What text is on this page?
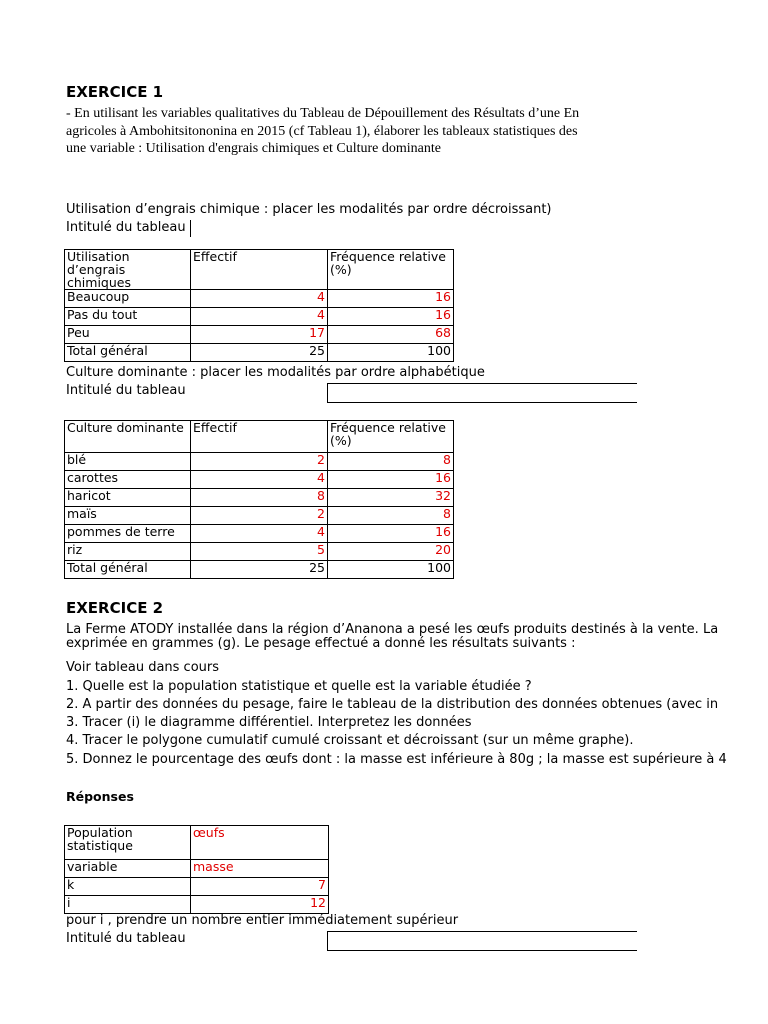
EXERCICE 1
- En utilisant les variables qualitatives du Tableau de Dépouillement des Résultats d’une En
agricoles à Ambohitsitononina en 2015 (cf Tableau 1), élaborer les tableaux statistiques des
une variable : Utilisation d'engrais chimiques et Culture dominante
Utilisation d’engrais chimique : placer les modalités par ordre décroissant)
Intitulé du tableau
Utilisation d’engrais chimiques	Effectif	Fréquence relative (%)
Beaucoup	4	16
Pas du tout	4	16
Peu	17	68
Total général	25	100
Culture dominante : placer les modalités par ordre alphabétique
Intitulé du tableau
Culture dominante	Effectif	Fréquence relative (%)
blé	2	8
carottes	4	16
haricot	8	32
maïs	2	8
pommes de terre	4	16
riz	5	20
Total général	25	100
EXERCICE 2
La Ferme ATODY installée dans la région d’Ananona a pesé les œufs produits destinés à la vente. La
exprimée en grammes (g). Le pesage effectué a donné les résultats suivants :
Voir tableau dans cours
1. Quelle est la population statistique et quelle est la variable étudiée ?
2. A partir des données du pesage, faire le tableau de la distribution des données obtenues (avec in
3. Tracer (i) le diagramme différentiel. Interpretez les données
4. Tracer le polygone cumulatif cumulé croissant et décroissant (sur un même graphe).
5. Donnez le pourcentage des œufs dont : la masse est inférieure à 80g ; la masse est supérieure à 4
Réponses
Population statistique	œufs
variable	masse
k	7
i	12
pour i , prendre un nombre entier immédiatement supérieur
Intitulé du tableau
